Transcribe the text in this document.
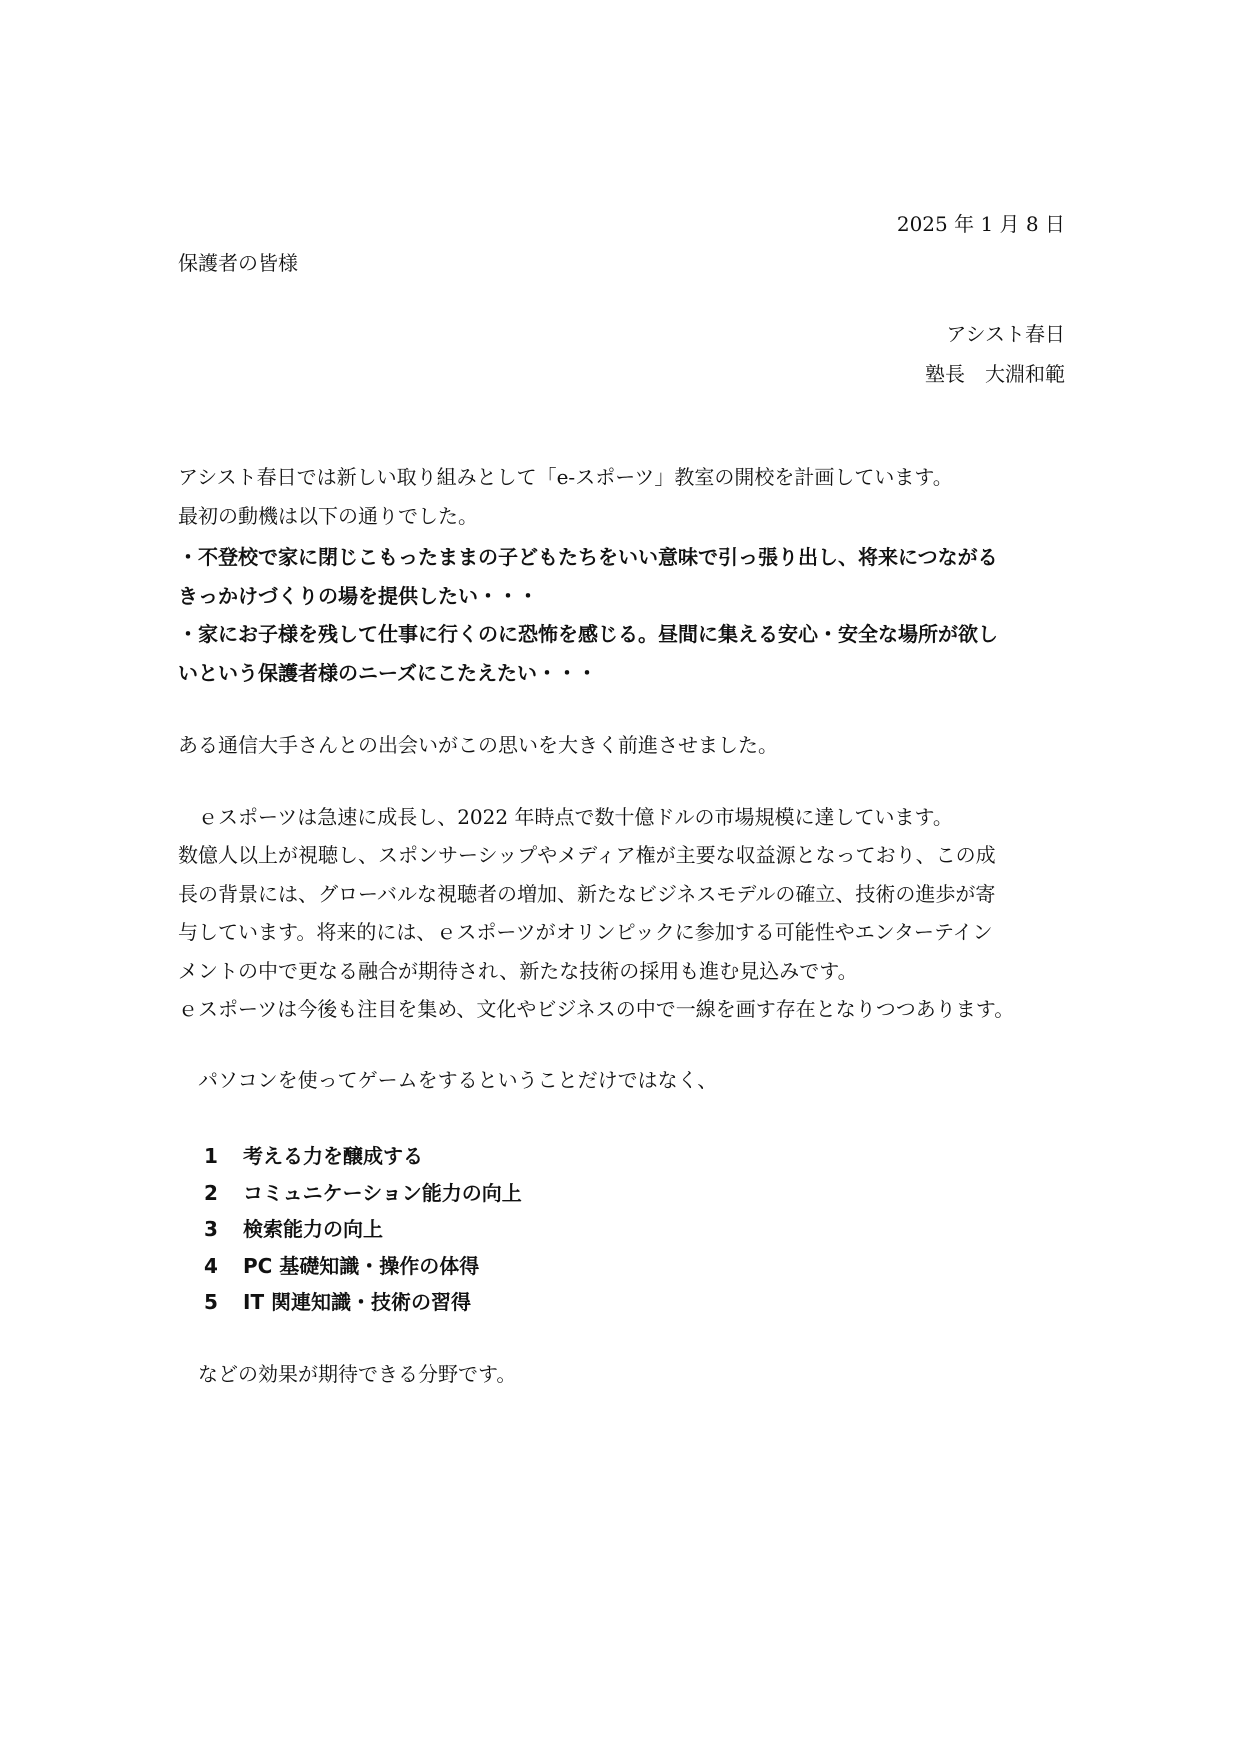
2025 年 1 月 8 日
保護者の皆様
アシスト春日
塾長　大淵和範
アシスト春日では新しい取り組みとして「e-スポーツ」教室の開校を計画しています。
最初の動機は以下の通りでした。
・不登校で家に閉じこもったままの子どもたちをいい意味で引っ張り出し、将来につながる
きっかけづくりの場を提供したい・・・
・家にお子様を残して仕事に行くのに恐怖を感じる。昼間に集える安心・安全な場所が欲し
いという保護者様のニーズにこたえたい・・・
ある通信大手さんとの出会いがこの思いを大きく前進させました。
ｅスポーツは急速に成長し、2022 年時点で数十億ドルの市場規模に達しています。
数億人以上が視聴し、スポンサーシップやメディア権が主要な収益源となっており、この成
長の背景には、グローバルな視聴者の増加、新たなビジネスモデルの確立、技術の進歩が寄
与しています。将来的には、ｅスポーツがオリンピックに参加する可能性やエンターテイン
メントの中で更なる融合が期待され、新たな技術の採用も進む見込みです。
ｅスポーツは今後も注目を集め、文化やビジネスの中で一線を画す存在となりつつあります。
パソコンを使ってゲームをするということだけではなく、
1 考える力を醸成する
2 コミュニケーション能力の向上
3 検索能力の向上
4 PC 基礎知識・操作の体得
5 IT 関連知識・技術の習得
などの効果が期待できる分野です。
